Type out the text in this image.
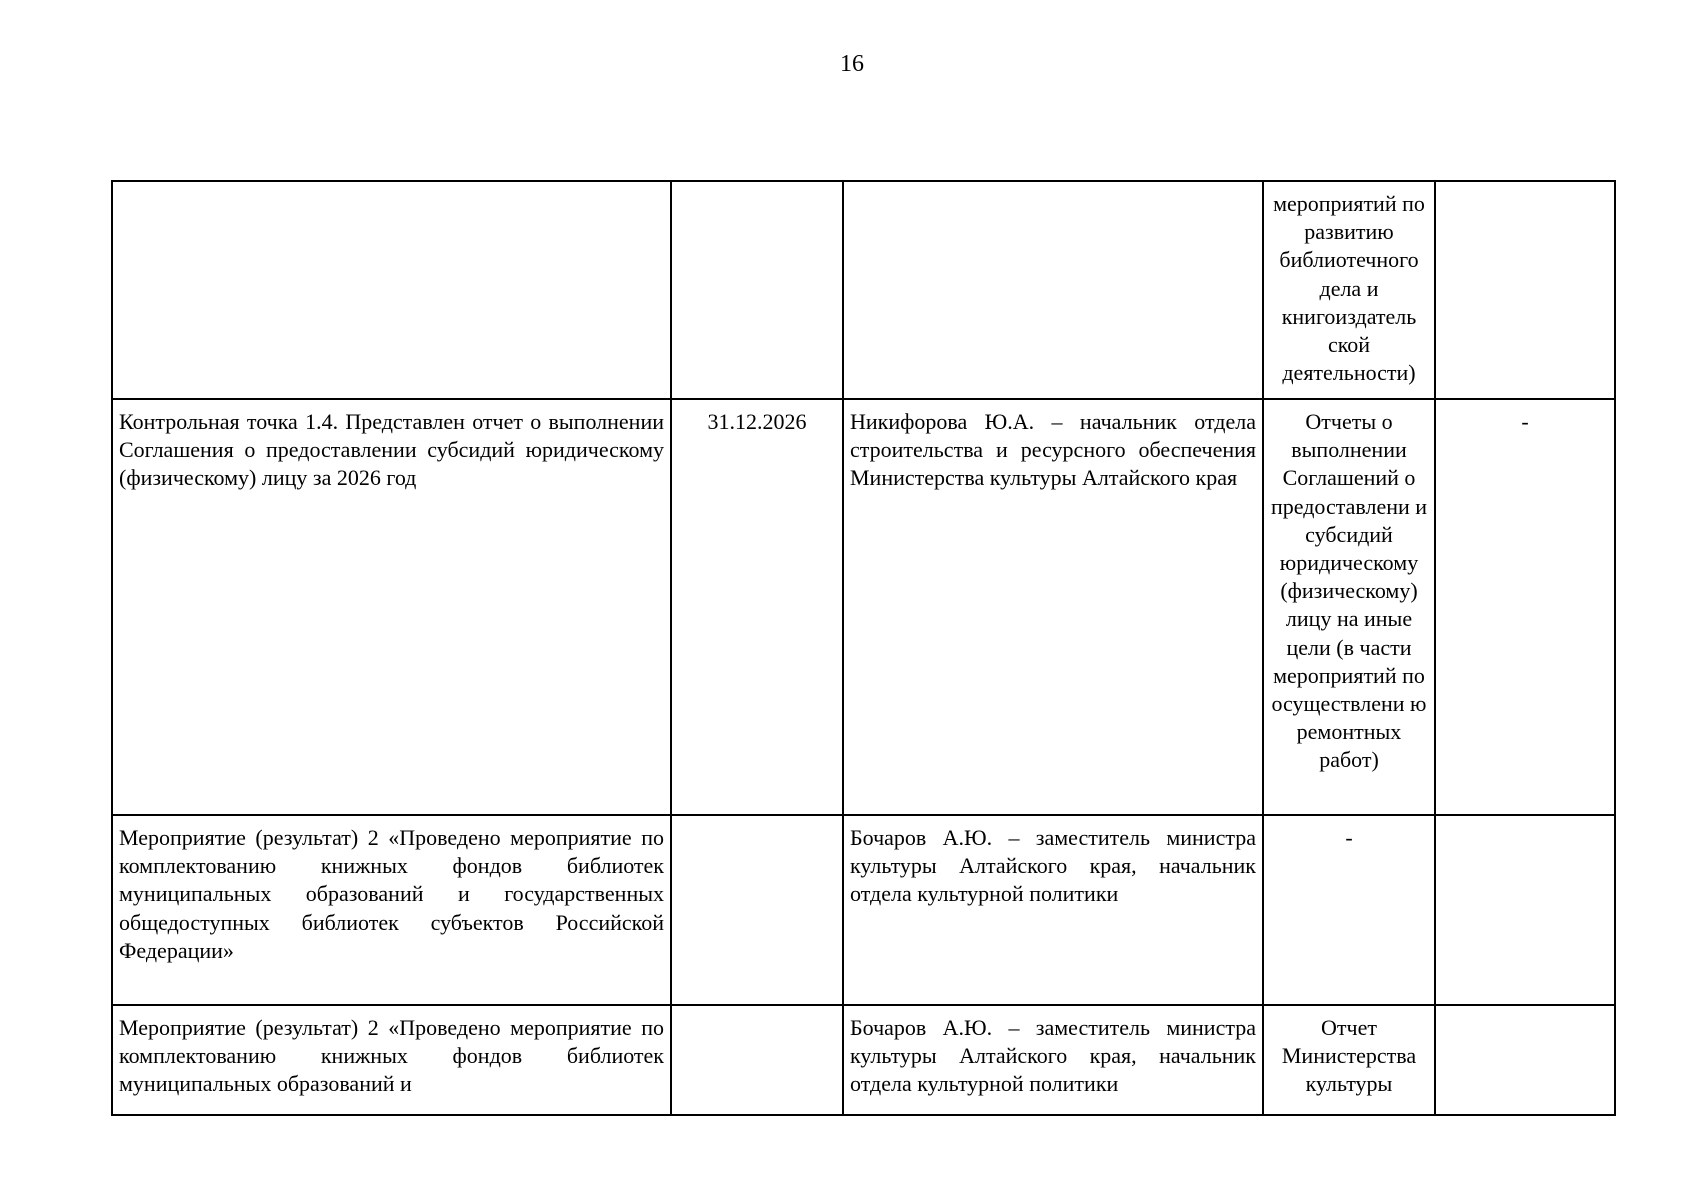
16
			мероприятий по развитию библиотечного дела и книгоиздатель ской деятельности)	
Контрольная точка 1.4. Представлен отчет о выполнении Соглашения о предоставлении субсидий юридическому (физическому) лицу за 2026 год	31.12.2026	Никифорова Ю.А. – начальник отдела строительства и ресурсного обеспечения Министерства культуры Алтайского края	Отчеты о выполнении Соглашений о предоставлени и субсидий юридическому (физическому) лицу на иные цели (в части мероприятий по осуществлени ю ремонтных работ)	-
Мероприятие (результат) 2 «Проведено мероприятие по комплектованию книжных фондов библиотек муниципальных образований и государственных общедоступных библиотек субъектов Российской Федерации»		Бочаров А.Ю. – заместитель министра культуры Алтайского края, начальник отдела культурной политики	-	
Мероприятие (результат) 2 «Проведено мероприятие по комплектованию книжных фондов библиотек муниципальных образований и		Бочаров А.Ю. – заместитель министра культуры Алтайского края, начальник отдела культурной политики	Отчет Министерства культуры	
